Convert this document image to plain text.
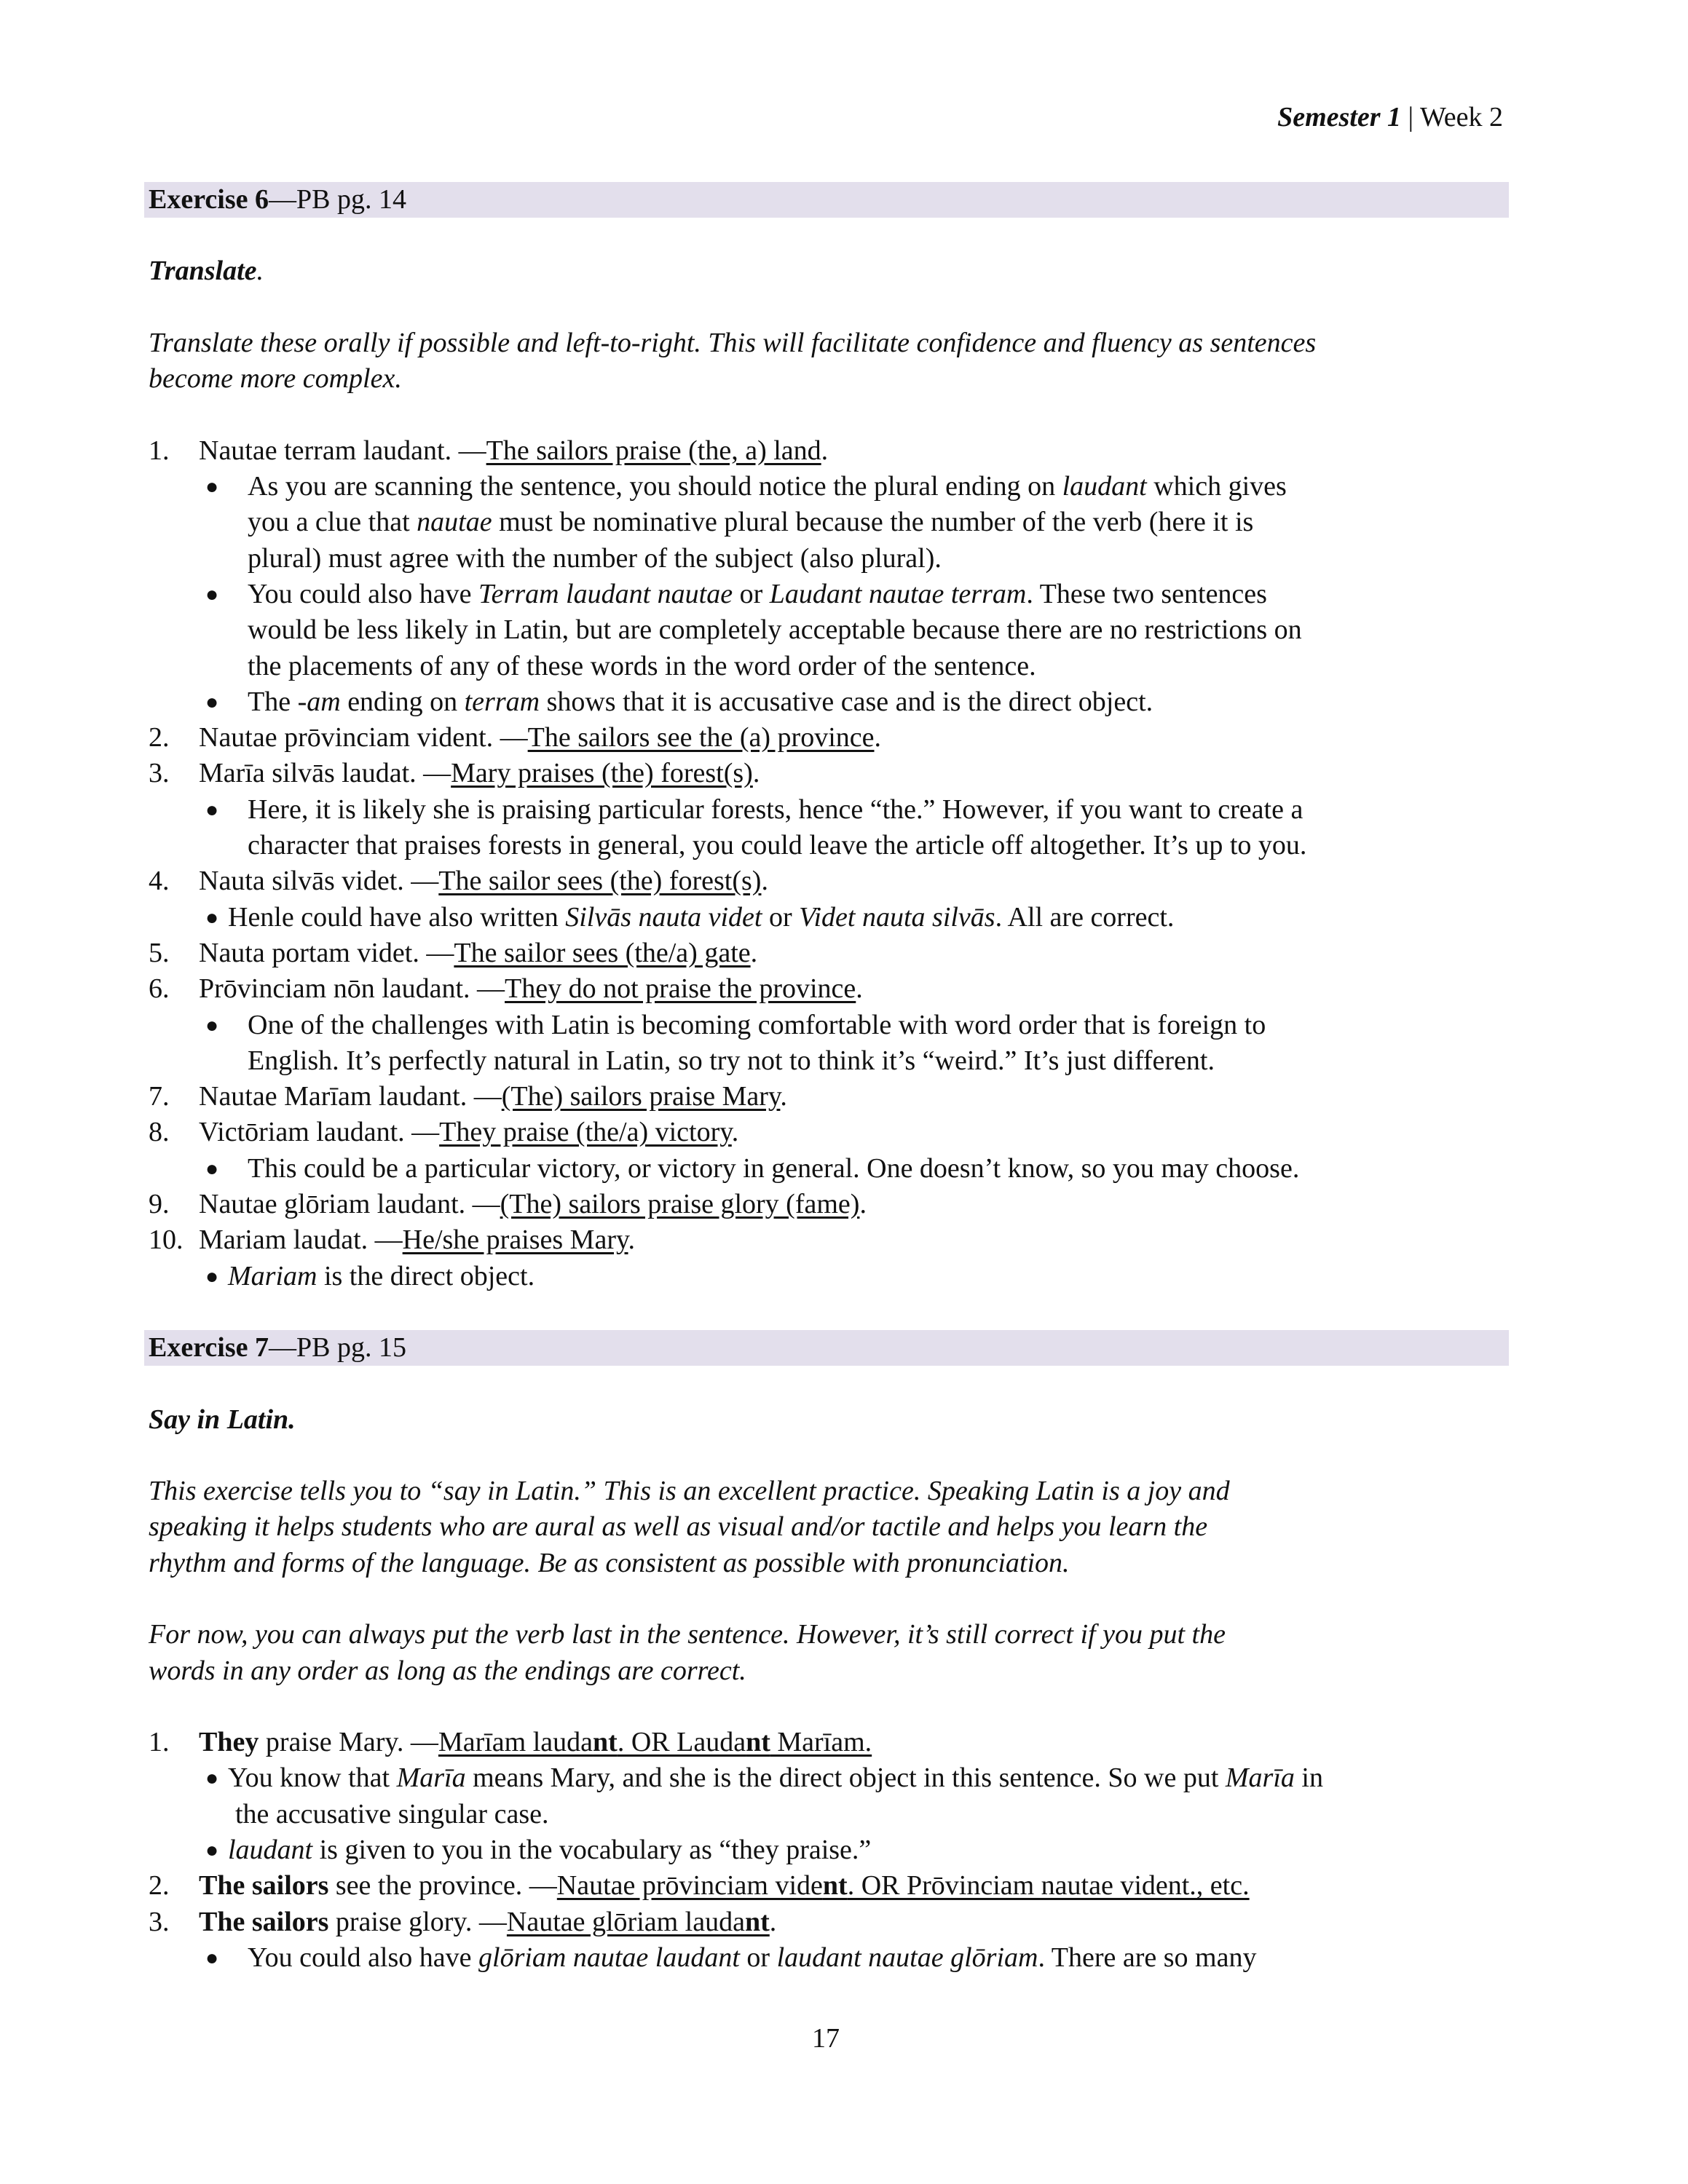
Semester 1 | Week 2
Exercise 6—PB pg. 14
Translate.
Translate these orally if possible and left-to-right. This will facilitate confidence and fluency as sentences
become more complex.
1. Nautae terram laudant. —The sailors praise (the, a) land.
● As you are scanning the sentence, you should notice the plural ending on laudant which gives
you a clue that nautae must be nominative plural because the number of the verb (here it is
plural) must agree with the number of the subject (also plural).
● You could also have Terram laudant nautae or Laudant nautae terram. These two sentences
would be less likely in Latin, but are completely acceptable because there are no restrictions on
the placements of any of these words in the word order of the sentence.
● The -am ending on terram shows that it is accusative case and is the direct object.
2. Nautae prōvinciam vident. —The sailors see the (a) province.
3. Marīa silvās laudat. —Mary praises (the) forest(s).
● Here, it is likely she is praising particular forests, hence “the.” However, if you want to create a
character that praises forests in general, you could leave the article off altogether. It’s up to you.
4. Nauta silvās videt. —The sailor sees (the) forest(s).
● Henle could have also written Silvās nauta videt or Videt nauta silvās. All are correct.
5. Nauta portam videt. —The sailor sees (the/a) gate.
6. Prōvinciam nōn laudant. —They do not praise the province.
● One of the challenges with Latin is becoming comfortable with word order that is foreign to
English. It’s perfectly natural in Latin, so try not to think it’s “weird.” It’s just different.
7. Nautae Marīam laudant. —(The) sailors praise Mary.
8. Victōriam laudant. —They praise (the/a) victory.
● This could be a particular victory, or victory in general. One doesn’t know, so you may choose.
9. Nautae glōriam laudant. —(The) sailors praise glory (fame).
10. Mariam laudat. —He/she praises Mary.
● Mariam is the direct object.
Exercise 7—PB pg. 15
Say in Latin.
This exercise tells you to “say in Latin.” This is an excellent practice. Speaking Latin is a joy and
speaking it helps students who are aural as well as visual and/or tactile and helps you learn the
rhythm and forms of the language. Be as consistent as possible with pronunciation.
For now, you can always put the verb last in the sentence. However, it’s still correct if you put the
words in any order as long as the endings are correct.
1. They praise Mary. —Marīam laudant. OR Laudant Marīam.
● You know that Marīa means Mary, and she is the direct object in this sentence. So we put Marīa in
the accusative singular case.
● laudant is given to you in the vocabulary as “they praise.”
2. The sailors see the province. —Nautae prōvinciam vident. OR Prōvinciam nautae vident., etc.
3. The sailors praise glory. —Nautae glōriam laudant.
● You could also have glōriam nautae laudant or laudant nautae glōriam. There are so many
17
